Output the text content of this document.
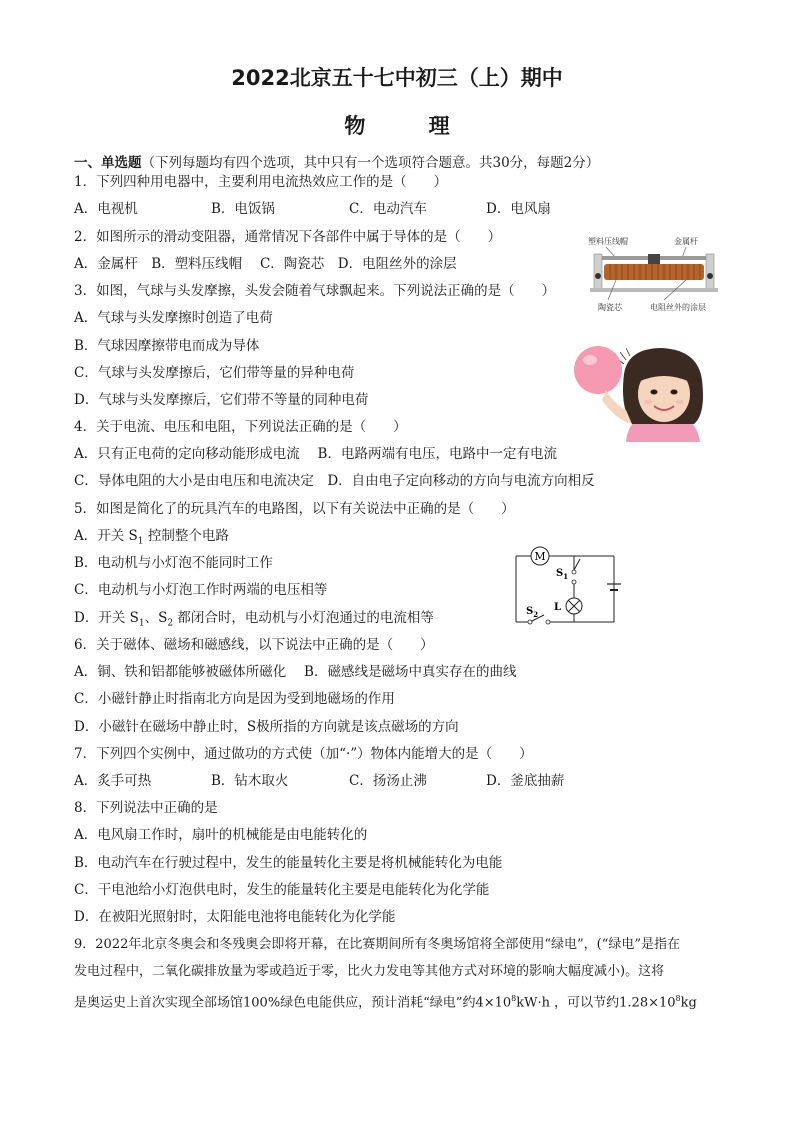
2022北京五十七中初三（上）期中
物 理
一、单选题（下列每题均有四个选项，其中只有一个选项符合题意。共30分，每题2分）
1．下列四种用电器中，主要利用电流热效应工作的是（　　）
A．电视机	B．电饭锅	C．电动汽车	D．电风扇
2．如图所示的滑动变阻器，通常情况下各部件中属于导体的是（　　）
A．金属杆　B．塑料压线帽　 C．陶瓷芯　D．电阻丝外的涂层
塑料压线帽	金属杆
陶瓷芯	电阻丝外的涂层
3．如图，气球与头发摩擦，头发会随着气球飘起来。下列说法正确的是（　　）
A．气球与头发摩擦时创造了电荷
B．气球因摩擦带电而成为导体
C．气球与头发摩擦后，它们带等量的异种电荷
D．气球与头发摩擦后，它们带不等量的同种电荷
4．关于电流、电压和电阻，下列说法正确的是（　　）
A．只有正电荷的定向移动能形成电流　 B．电路两端有电压，电路中一定有电流
C．导体电阻的大小是由电压和电流决定　D．自由电子定向移动的方向与电流方向相反
5．如图是简化了的玩具汽车的电路图，以下有关说法中正确的是（　　）
A．开关 $S_1$ 控制整个电路
B．电动机与小灯泡不能同时工作
C．电动机与小灯泡工作时两端的电压相等
D．开关 $S_1$、$S_2$ 都闭合时，电动机与小灯泡通过的电流相等
M
$S_1$
L
$S_2$
6．关于磁体、磁场和磁感线，以下说法中正确的是（　　）
A．铜、铁和铝都能够被磁体所磁化　 B．磁感线是磁场中真实存在的曲线
C．小磁针静止时指南北方向是因为受到地磁场的作用
D．小磁针在磁场中静止时，S极所指的方向就是该点磁场的方向
7．下列四个实例中，通过做功的方式使（加“·”）物体内能增大的是（　　）
A．炙手可热	B．钻木取火	C．扬汤止沸	D．釜底抽薪
8．下列说法中正确的是
A．电风扇工作时，扇叶的机械能是由电能转化的
B．电动汽车在行驶过程中，发生的能量转化主要是将机械能转化为电能
C．干电池给小灯泡供电时，发生的能量转化主要是电能转化为化学能
D．在被阳光照射时，太阳能电池将电能转化为化学能
9．2022年北京冬奥会和冬残奥会即将开幕，在比赛期间所有冬奥场馆将全部使用“绿电”，(“绿电”是指在
发电过程中，二氧化碳排放量为零或趋近于零，比火力发电等其他方式对环境的影响大幅度减小)。这将
是奥运史上首次实现全部场馆100%绿色电能供应，预计消耗“绿电”约$4\times 10^8kW\cdot h$ ，可以节约$1.28\times 10^8kg$
